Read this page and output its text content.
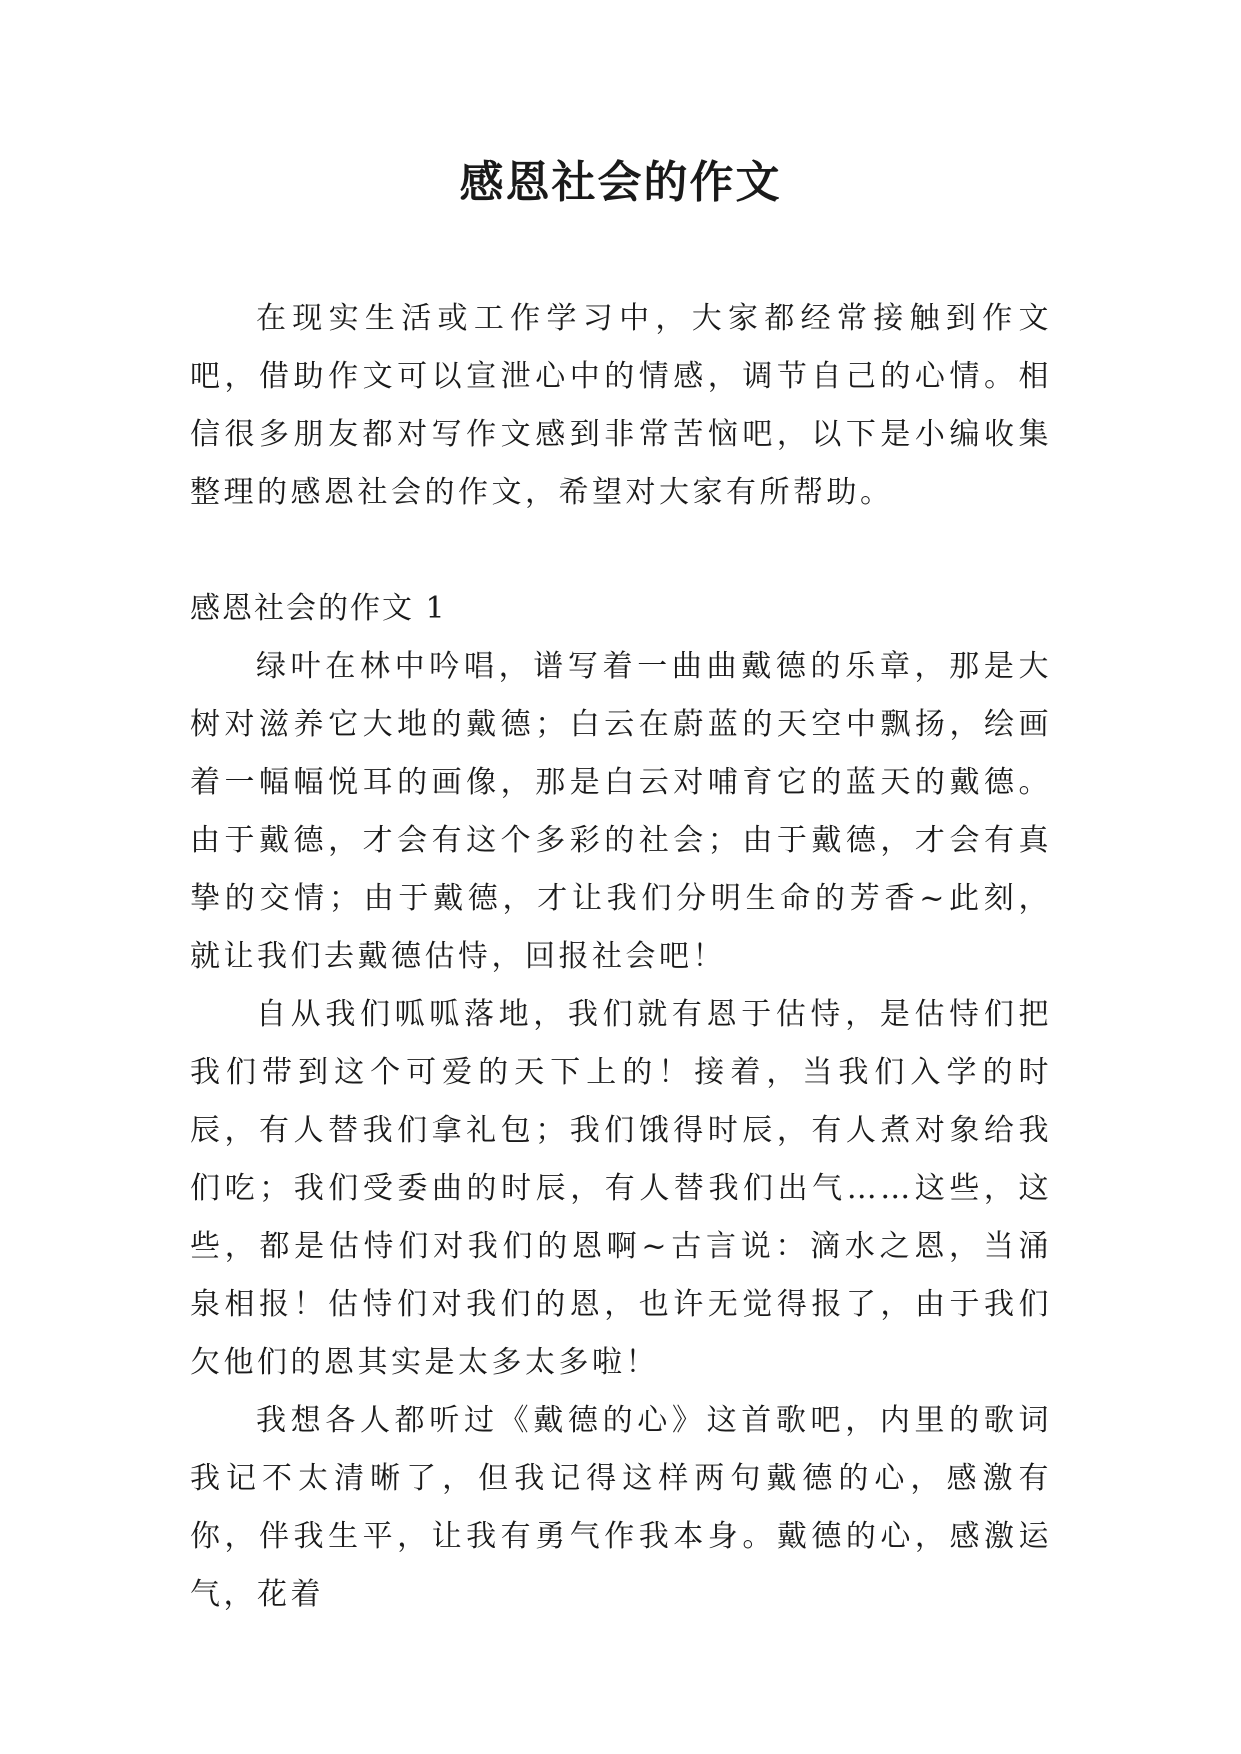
感恩社会的作文

在现实生活或工作学习中，大家都经常接触到作文吧，借助作文可以宣泄心中的情感，调节自己的心情。相信很多朋友都对写作文感到非常苦恼吧，以下是小编收集整理的感恩社会的作文，希望对大家有所帮助。

感恩社会的作文 1

绿叶在林中吟唱，谱写着一曲曲戴德的乐章，那是大树对滋养它大地的戴德；白云在蔚蓝的天空中飘扬，绘画着一幅幅悦耳的画像，那是白云对哺育它的蓝天的戴德。由于戴德，才会有这个多彩的社会；由于戴德，才会有真挚的交情；由于戴德，才让我们分明生命的芳香~此刻，就让我们去戴德估恃，回报社会吧！

自从我们呱呱落地，我们就有恩于估恃，是估恃们把我们带到这个可爱的天下上的！接着，当我们入学的时辰，有人替我们拿礼包；我们饿得时辰，有人煮对象给我们吃；我们受委曲的时辰，有人替我们出气……这些，这些，都是估恃们对我们的恩啊~古言说：滴水之恩，当涌泉相报！估恃们对我们的恩，也许无觉得报了，由于我们欠他们的恩其实是太多太多啦！

我想各人都听过《戴德的心》这首歌吧，内里的歌词我记不太清晰了，但我记得这样两句戴德的心，感激有你，伴我生平，让我有勇气作我本身。戴德的心，感激运气，花着
